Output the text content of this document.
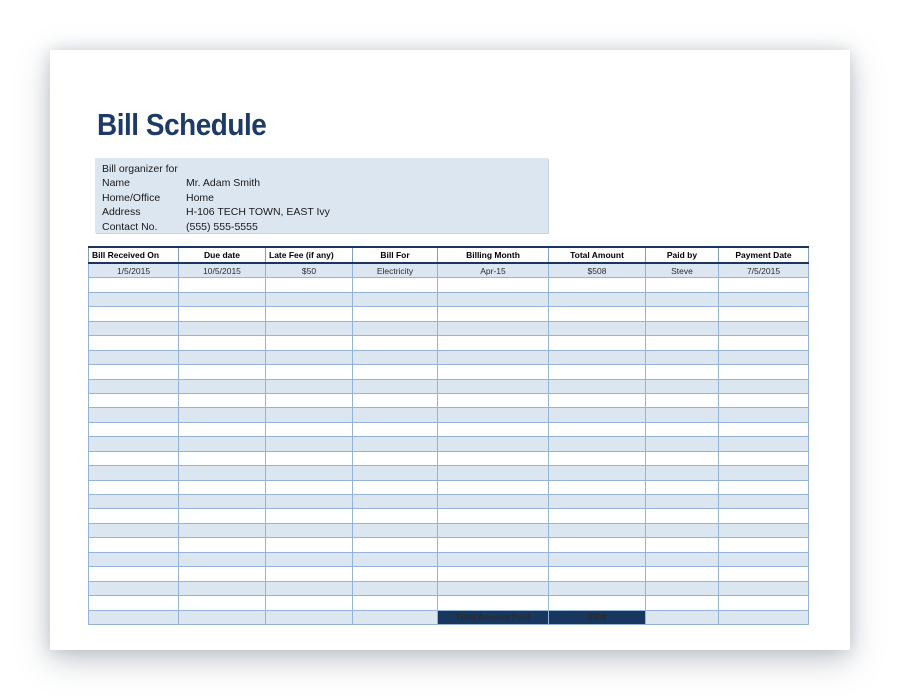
Bill Schedule
Bill organizer for
Name	Mr. Adam Smith
Home/Office	Home
Address	H-106 TECH TOWN, EAST Ivy
Contact No.	(555) 555-5555
Bill Received On	Due date	Late Fee (if any)	Bill For	Billing Month	Total Amount	Paid by	Payment Date
1/5/2015	10/5/2015	$50	Electricity	Apr-15	$508	Steve	7/5/2015

				Total Amount Paid	$508		
